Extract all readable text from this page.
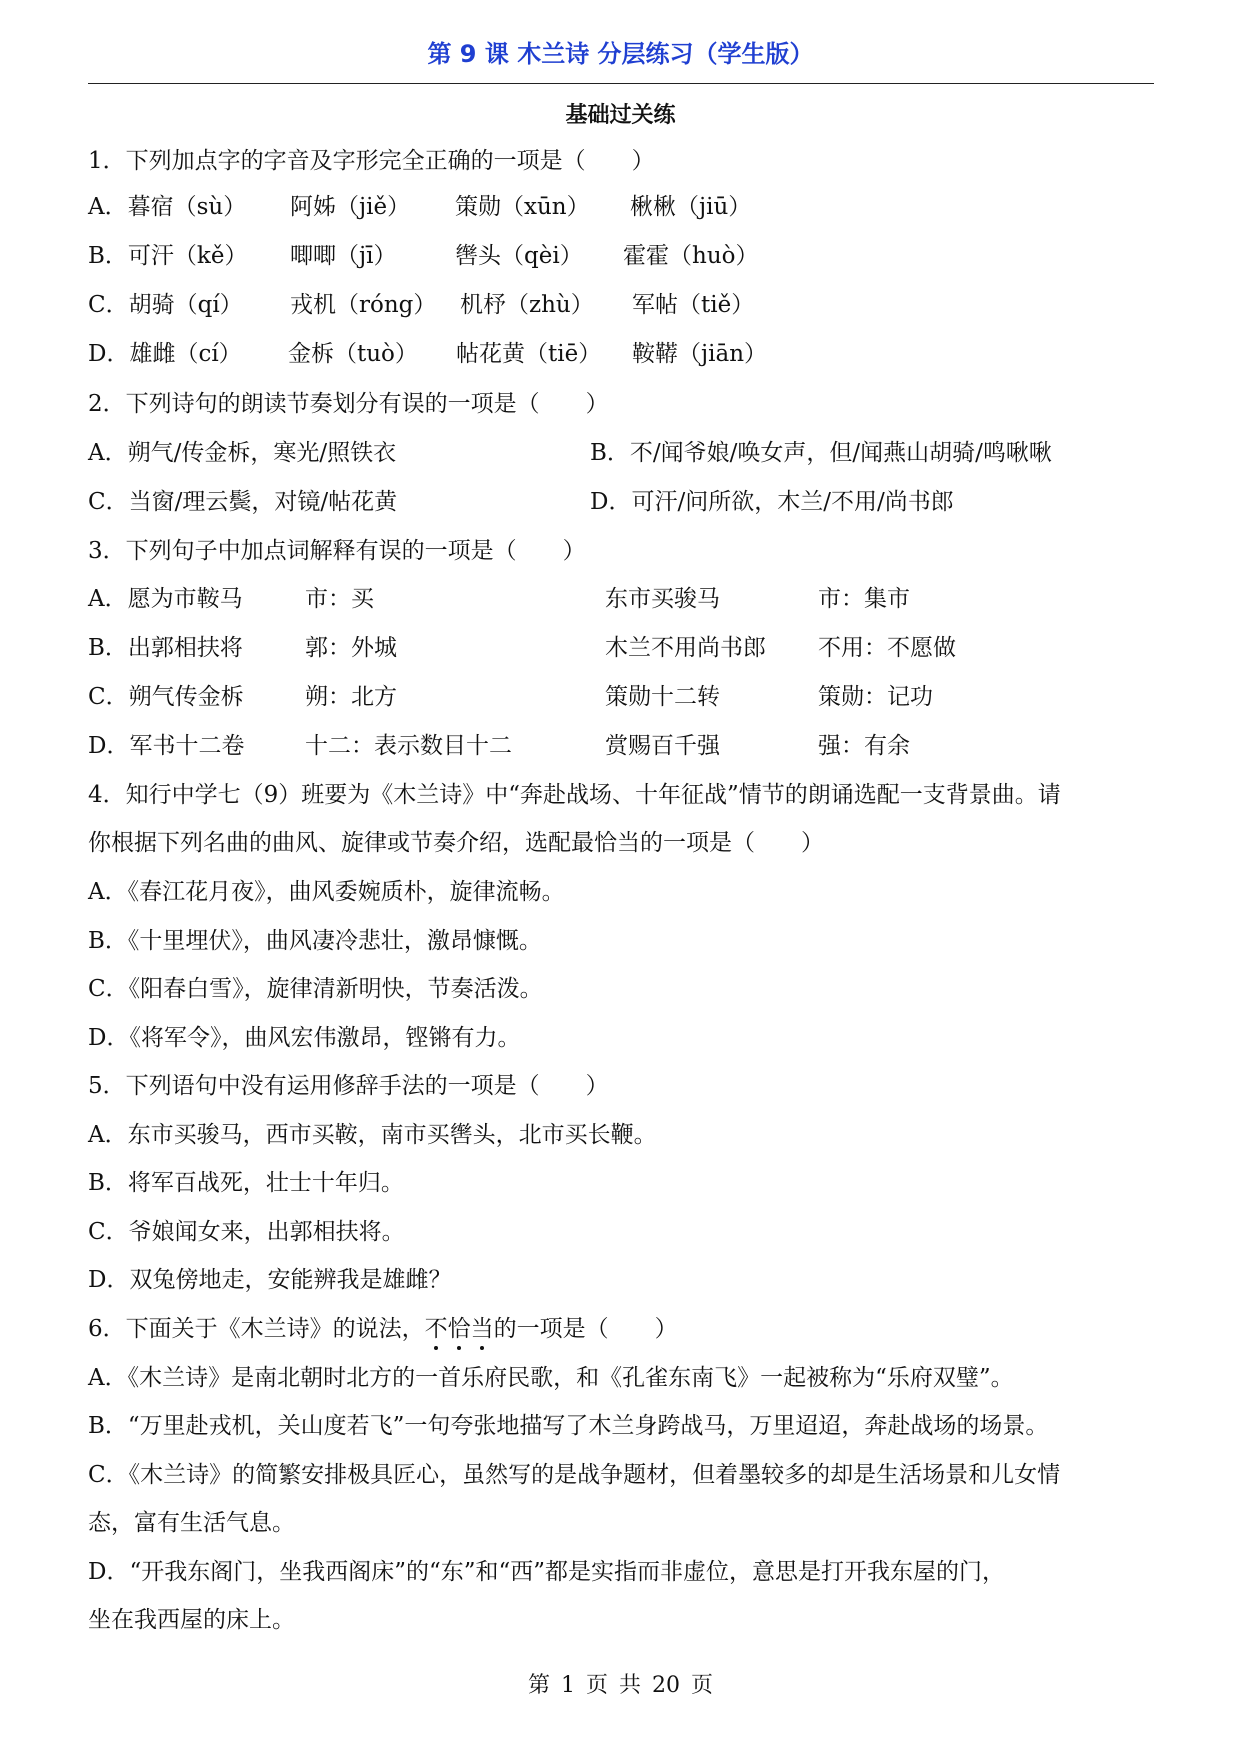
第 9 课 木兰诗 分层练习（学生版）
基础过关练
1．下列加点字的字音及字形完全正确的一项是（　　）
A．暮宿（sù） 阿姊（jiě） 策勋（xūn） 楸楸（jiū）
B．可汗（kě） 唧唧（jī）	辔头（qèi） 霍霍（huò）
C．胡骑（qí） 戎机（róng） 机杼（zhù） 军帖（tiě）
D．雄雌（cí） 金柝（tuò） 帖花黄（tiē） 鞍鞯（jiān）
2．下列诗句的朗读节奏划分有误的一项是（　　）
A．朔气/传金柝，寒光/照铁衣	B．不/闻爷娘/唤女声，但/闻燕山胡骑/鸣啾啾
C．当窗/理云鬓，对镜/帖花黄	D．可汗/问所欲，木兰/不用/尚书郎
3．下列句子中加点词解释有误的一项是（　　）
A．愿为市鞍马	市：买	东市买骏马	市：集市
B．出郭相扶将	郭：外城	木兰不用尚书郎 不用：不愿做
C．朔气传金柝	朔：北方	策勋十二转	策勋：记功
D．军书十二卷	十二：表示数目十二	赏赐百千强	强：有余
4．知行中学七（9）班要为《木兰诗》中“奔赴战场、十年征战”情节的朗诵选配一支背景曲。请
你根据下列名曲的曲风、旋律或节奏介绍，选配最恰当的一项是（　　）
A．《春江花月夜》，曲风委婉质朴，旋律流畅。
B．《十里埋伏》，曲风凄冷悲壮，激昂慷慨。
C．《阳春白雪》，旋律清新明快，节奏活泼。
D．《将军令》，曲风宏伟激昂，铿锵有力。
5．下列语句中没有运用修辞手法的一项是（　　）
A．东市买骏马，西市买鞍，南市买辔头，北市买长鞭。
B．将军百战死，壮士十年归。
C．爷娘闻女来，出郭相扶将。
D．双兔傍地走，安能辨我是雄雌？
6．下面关于《木兰诗》的说法，不恰当的一项是（　　）
A．《木兰诗》是南北朝时北方的一首乐府民歌，和《孔雀东南飞》一起被称为“乐府双璧”。
B．“万里赴戎机，关山度若飞”一句夸张地描写了木兰身跨战马，万里迢迢，奔赴战场的场景。
C．《木兰诗》的简繁安排极具匠心，虽然写的是战争题材，但着墨较多的却是生活场景和儿女情
态，富有生活气息。
D．“开我东阁门，坐我西阁床”的“东”和“西”都是实指而非虚位，意思是打开我东屋的门，
坐在我西屋的床上。
第 1 页 共 20 页
